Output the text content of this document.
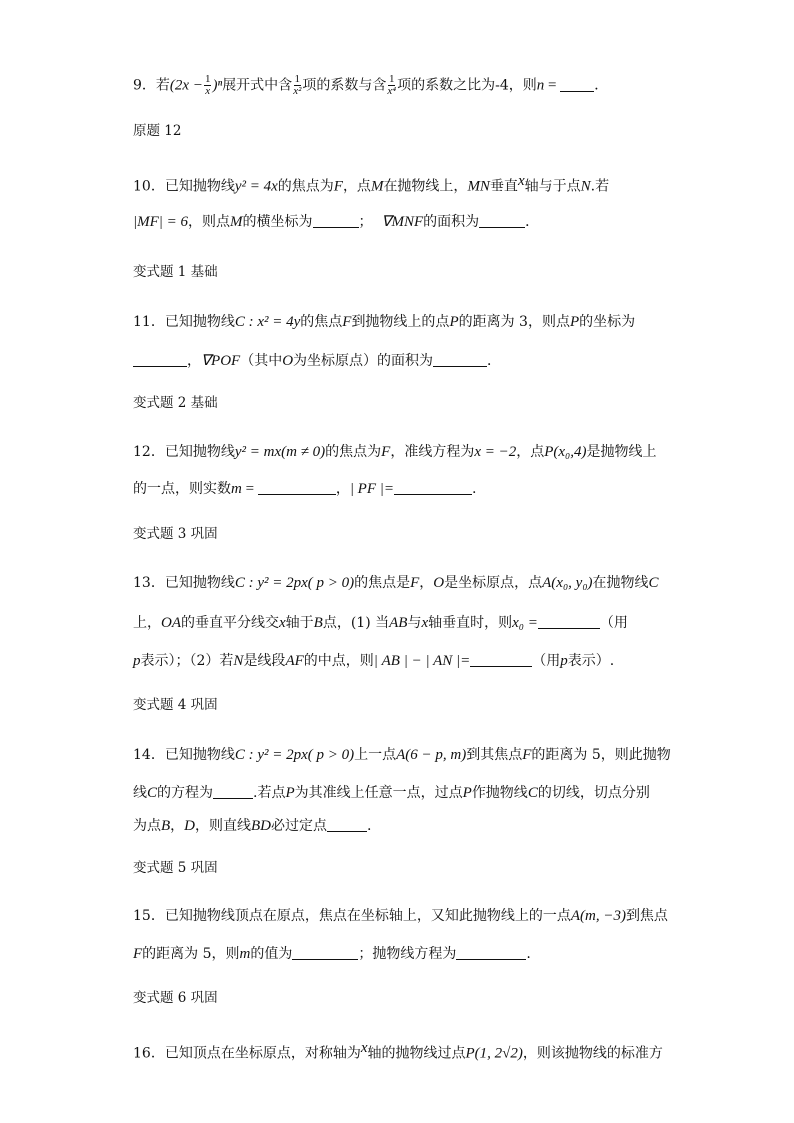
9．若$(2x - \frac{1}{x} )^n$展开式中含 $\frac{1}{\text{x²}}$ 项的系数与含 $\frac{1}{\text{x⁴}}$ 项的系数之比为-4，则n = ．
原题 12
10．已知抛物线y² = 4x的焦点为F，点M在抛物线上，MN垂直$^x$轴与于点N.若
|MF| = 6，则点M的横坐标为	； ∇MNF的面积为	．
变式题 1 基础
11．已知抛物线C : x² = 4y的焦点F到抛物线上的点P的距离为 3，则点P的坐标为
，∇POF（其中O为坐标原点）的面积为	．
变式题 2 基础
12．已知抛物线y² = mx(m ≠ 0)的焦点为F，准线方程为x = −2，点P(x₀,4)是抛物线上
的一点，则实数m =	，| PF |=	.
变式题 3 巩固
13．已知抛物线C : y² = 2px( p > 0)的焦点是F，O是坐标原点，点A(x₀, y₀)在抛物线C
上，OA的垂直平分线交x轴于B点，(1) 当AB与x轴垂直时，则x₀ =	（用
p表示）；（2）若N是线段AF的中点，则| AB | − | AN |=	（用p表示）.
变式题 4 巩固
14．已知抛物线C : y² = 2px( p > 0)上一点A(6 − p, m)到其焦点F的距离为 5，则此抛物
线C的方程为	.若点P为其准线上任意一点，过点P作抛物线C的切线，切点分别
为点B，D，则直线BD必过定点	.
变式题 5 巩固
15．已知抛物线顶点在原点，焦点在坐标轴上，又知此抛物线上的一点A(m, −3)到焦点
F的距离为 5，则m的值为	；抛物线方程为	.
变式题 6 巩固
16．已知顶点在坐标原点，对称轴为$^x$轴的抛物线过点P(1, 2√2)，则该抛物线的标准方
